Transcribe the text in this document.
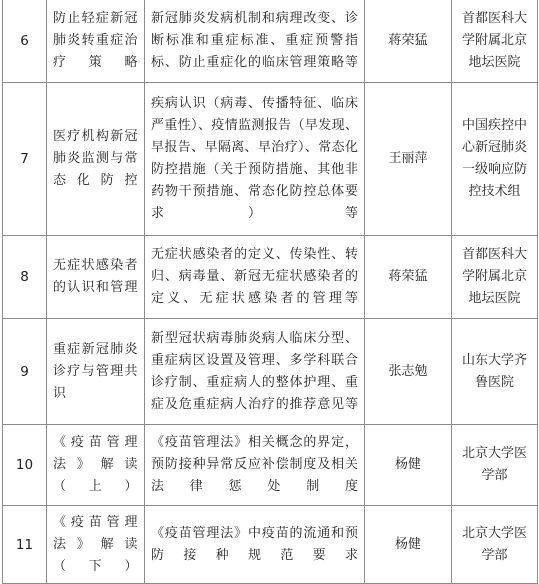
6	防止轻症新冠肺炎转重症治疗策略	新冠肺炎发病机制和病理改变、诊断标准和重症标准、重症预警指标、防止重症化的临床管理策略等	蒋荣猛	首都医科大学附属北京地坛医院
7	医疗机构新冠肺炎监测与常态化防控	疾病认识（病毒、传播特征、临床严重性）、疫情监测报告（早发现、早报告、早隔离、早治疗）、常态化防控措施（关于预防措施、其他非药物干预措施、常态化防控总体要求）等	王丽萍	中国疾控中心新冠肺炎一级响应防控技术组
8	无症状感染者的认识和管理	无症状感染者的定义、传染性、转归、病毒量、新冠无症状感染者的定义、无症状感染者的管理等	蒋荣猛	首都医科大学附属北京地坛医院
9	重症新冠肺炎诊疗与管理共识	新型冠状病毒肺炎病人临床分型、重症病区设置及管理、多学科联合诊疗制、重症病人的整体护理、重症及危重症病人治疗的推荐意见等	张志勉	山东大学齐鲁医院
10	《疫苗管理法》解读（上）	《疫苗管理法》相关概念的界定，预防接种异常反应补偿制度及相关法律惩处制度	杨健	北京大学医学部
11	《疫苗管理法》解读（下）	《疫苗管理法》中疫苗的流通和预防接种规范要求	杨健	北京大学医学部
